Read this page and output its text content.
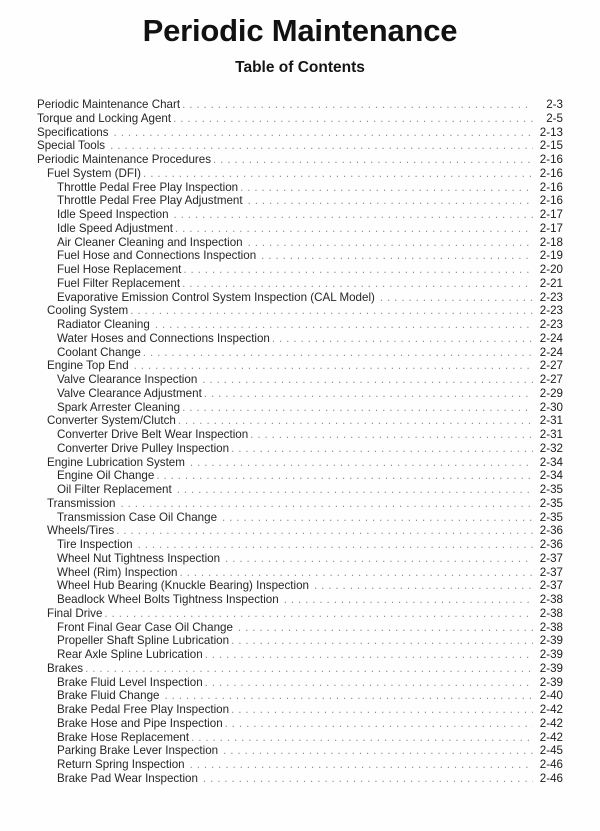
Periodic Maintenance
Table of Contents
Periodic Maintenance Chart . . .	2-3
Torque and Locking Agent . . .	2-5
Specifications . . .	2-13
Special Tools . . .	2-15
Periodic Maintenance Procedures . . .	2-16
Fuel System (DFI) . . .	2-16
Throttle Pedal Free Play Inspection . . .	2-16
Throttle Pedal Free Play Adjustment . . .	2-16
Idle Speed Inspection . . .	2-17
Idle Speed Adjustment . . .	2-17
Air Cleaner Cleaning and Inspection . . .	2-18
Fuel Hose and Connections Inspection . . .	2-19
Fuel Hose Replacement . . .	2-20
Fuel Filter Replacement . . .	2-21
Evaporative Emission Control System Inspection (CAL Model) . . .	2-23
Cooling System . . .	2-23
Radiator Cleaning . . .	2-23
Water Hoses and Connections Inspection . . .	2-24
Coolant Change . . .	2-24
Engine Top End . . .	2-27
Valve Clearance Inspection . . .	2-27
Valve Clearance Adjustment . . .	2-29
Spark Arrester Cleaning . . .	2-30
Converter System/Clutch . . .	2-31
Converter Drive Belt Wear Inspection . . .	2-31
Converter Drive Pulley Inspection . . .	2-32
Engine Lubrication System . . .	2-34
Engine Oil Change . . .	2-34
Oil Filter Replacement . . .	2-35
Transmission . . .	2-35
Transmission Case Oil Change . . .	2-35
Wheels/Tires . . .	2-36
Tire Inspection . . .	2-36
Wheel Nut Tightness Inspection . . .	2-37
Wheel (Rim) Inspection . . .	2-37
Wheel Hub Bearing (Knuckle Bearing) Inspection . . .	2-37
Beadlock Wheel Bolts Tightness Inspection . . .	2-38
Final Drive . . .	2-38
Front Final Gear Case Oil Change . . .	2-38
Propeller Shaft Spline Lubrication . . .	2-39
Rear Axle Spline Lubrication . . .	2-39
Brakes . . .	2-39
Brake Fluid Level Inspection . . .	2-39
Brake Fluid Change . . .	2-40
Brake Pedal Free Play Inspection . . .	2-42
Brake Hose and Pipe Inspection . . .	2-42
Brake Hose Replacement . . .	2-42
Parking Brake Lever Inspection . . .	2-45
Return Spring Inspection . . .	2-46
Brake Pad Wear Inspection . . .	2-46
